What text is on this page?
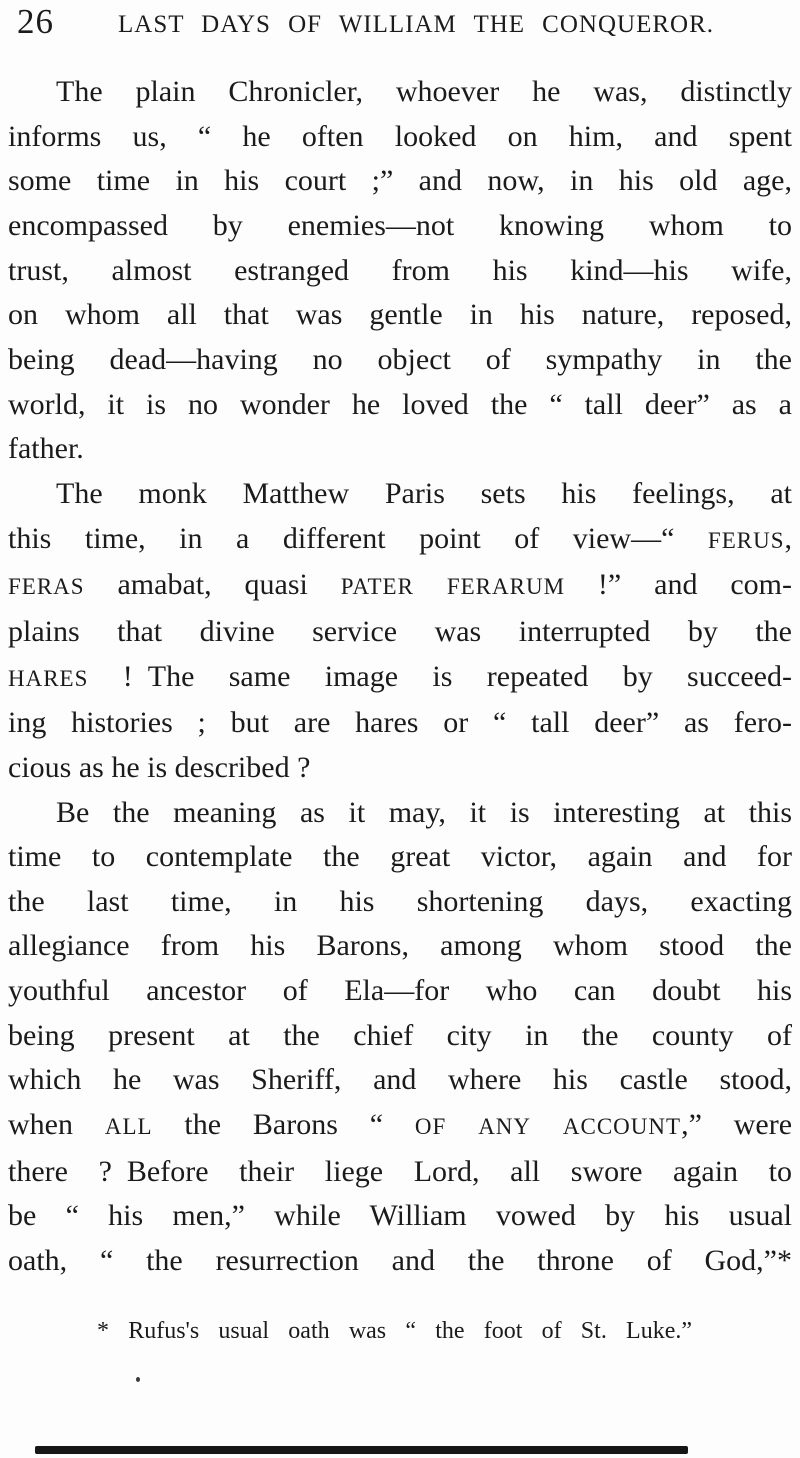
26	LAST DAYS OF WILLIAM THE CONQUEROR.
The plain Chronicler, whoever he was, distinctly
informs us, “ he often looked on him, and spent
some time in his court ;” and now, in his old age,
encompassed by enemies—not knowing whom to
trust, almost estranged from his kind—his wife,
on whom all that was gentle in his nature, reposed,
being dead—having no object of sympathy in the
world, it is no wonder he loved the “ tall deer” as a
father.
The monk Matthew Paris sets his feelings, at
this time, in a different point of view—“ FERUS,
FERAS amabat, quasi PATER FERARUM !” and com-
plains that divine service was interrupted by the
HARES ! The same image is repeated by succeed-
ing histories ; but are hares or “ tall deer” as fero-
cious as he is described ?
Be the meaning as it may, it is interesting at this
time to contemplate the great victor, again and for
the last time, in his shortening days, exacting
allegiance from his Barons, among whom stood the
youthful ancestor of Ela—for who can doubt his
being present at the chief city in the county of
which he was Sheriff, and where his castle stood,
when ALL the Barons “ OF ANY ACCOUNT,” were
there ? Before their liege Lord, all swore again to
be “ his men,” while William vowed by his usual
oath, “ the resurrection and the throne of God,”*
* Rufus's usual oath was “ the foot of St. Luke.”
